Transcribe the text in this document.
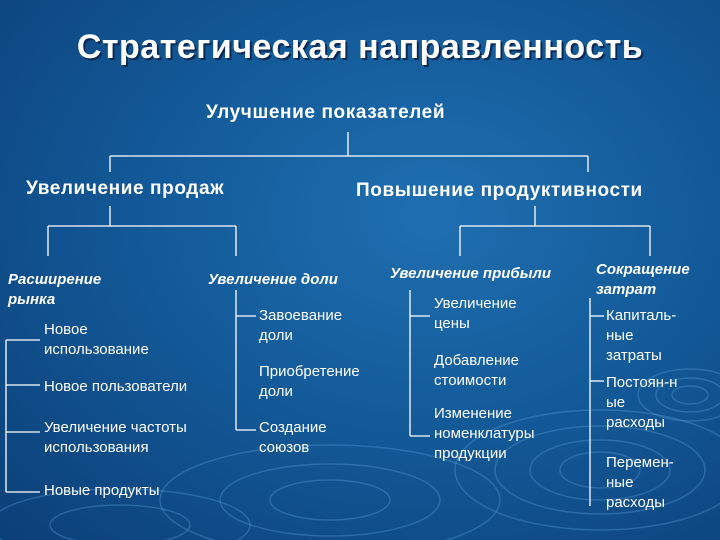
Стратегическая направленность
Улучшение показателей
Увеличение продаж	Повышение продуктивности
Расширение
рынка
Увеличение доли	Увеличение прибыли	Сокращение
затрат
Новое
использование
Новое пользователи
Увеличение частоты
использования
Новые продукты
Завоевание
доли
Приобретение
доли
Создание
союзов
Увеличение
цены
Добавление
стоимости
Изменение
номенклатуры
продукции
Капиталь-
ные
затраты
Постоян-н
ые
расходы
Перемен-
ные
расходы
